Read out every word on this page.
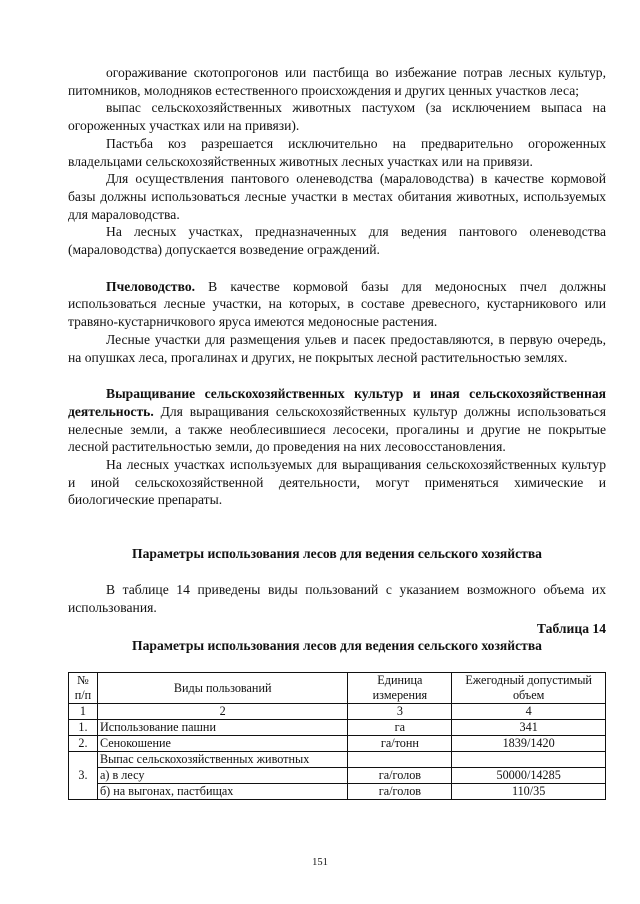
огораживание скотопрогонов или пастбища во избежание потрав лесных культур, питомников, молодняков естественного происхождения и других ценных участков леса;

выпас сельскохозяйственных животных пастухом (за исключением выпаса на огороженных участках или на привязи).

Пастьба коз разрешается исключительно на предварительно огороженных владельцами сельскохозяйственных животных лесных участках или на привязи.

Для осуществления пантового оленеводства (мараловодства) в качестве кормовой базы должны использоваться лесные участки в местах обитания животных, используемых для мараловодства.

На лесных участках, предназначенных для ведения пантового оленеводства (мараловодства) допускается возведение ограждений.

Пчеловодство. В качестве кормовой базы для медоносных пчел должны использоваться лесные участки, на которых, в составе древесного, кустарникового или травяно-кустарничкового яруса имеются медоносные растения.

Лесные участки для размещения ульев и пасек предоставляются, в первую очередь, на опушках леса, прогалинах и других, не покрытых лесной растительностью землях.

Выращивание сельскохозяйственных культур и иная сельскохозяйственная деятельность. Для выращивания сельскохозяйственных культур должны использоваться нелесные земли, а также необлесившиеся лесосеки, прогалины и другие не покрытые лесной растительностью земли, до проведения на них лесовосстановления.

На лесных участках используемых для выращивания сельскохозяйственных культур и иной сельскохозяйственной деятельности, могут применяться химические и биологические препараты.

Параметры использования лесов для ведения сельского хозяйства

В таблице 14 приведены виды пользований с указанием возможного объема их использования.

Таблица 14

Параметры использования лесов для ведения сельского хозяйства
№ п/п	Виды пользований	Единица измерения	Ежегодный допустимый объем
1	2	3	4
1.	Использование пашни	га	341
2.	Сенокошение	га/тонн	1839/1420
3.	Выпас сельскохозяйственных животных		
	а) в лесу	га/голов	50000/14285
	б) на выгонах, пастбищах	га/голов	110/35
151
